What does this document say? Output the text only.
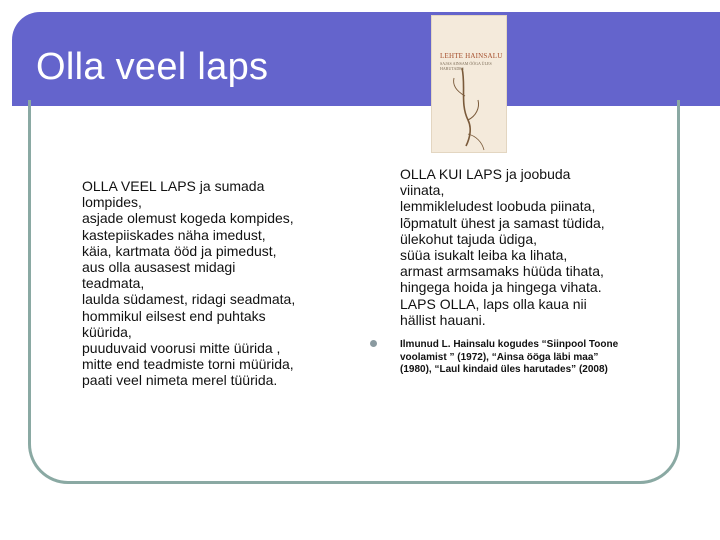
Olla veel laps	LEHTE HAINSALU
SAJAS AINSAM ÖÖGA ÜLES HARUTADES

OLLA VEEL LAPS ja sumada

lompides,

asjade olemust kogeda kompides,

kastepiiskades näha imedust,

käia, kartmata ööd ja pimedust,

aus olla ausasest midagi

teadmata,

laulda südamest, ridagi seadmata,

hommikul eilsest end puhtaks

küürida,

puuduvaid voorusi mitte üürida ,

mitte end teadmiste torni müürida,

paati veel nimeta merel tüürida.

OLLA KUI LAPS ja joobuda

viinata,

lemmikleludest loobuda piinata,

lõpmatult ühest ja samast tüdida,

ülekohut tajuda üdiga,

süüa isukalt leiba ka lihata,

armast armsamaks hüüda tihata,

hingega hoida ja hingega vihata.

LAPS OLLA, laps olla kaua nii

hällist hauani.

Ilmunud L. Hainsalu kogudes “Siinpool Toone
voolamist ” (1972), “Ainsa ööga läbi maa”
(1980), “Laul kindaid üles harutades” (2008)
